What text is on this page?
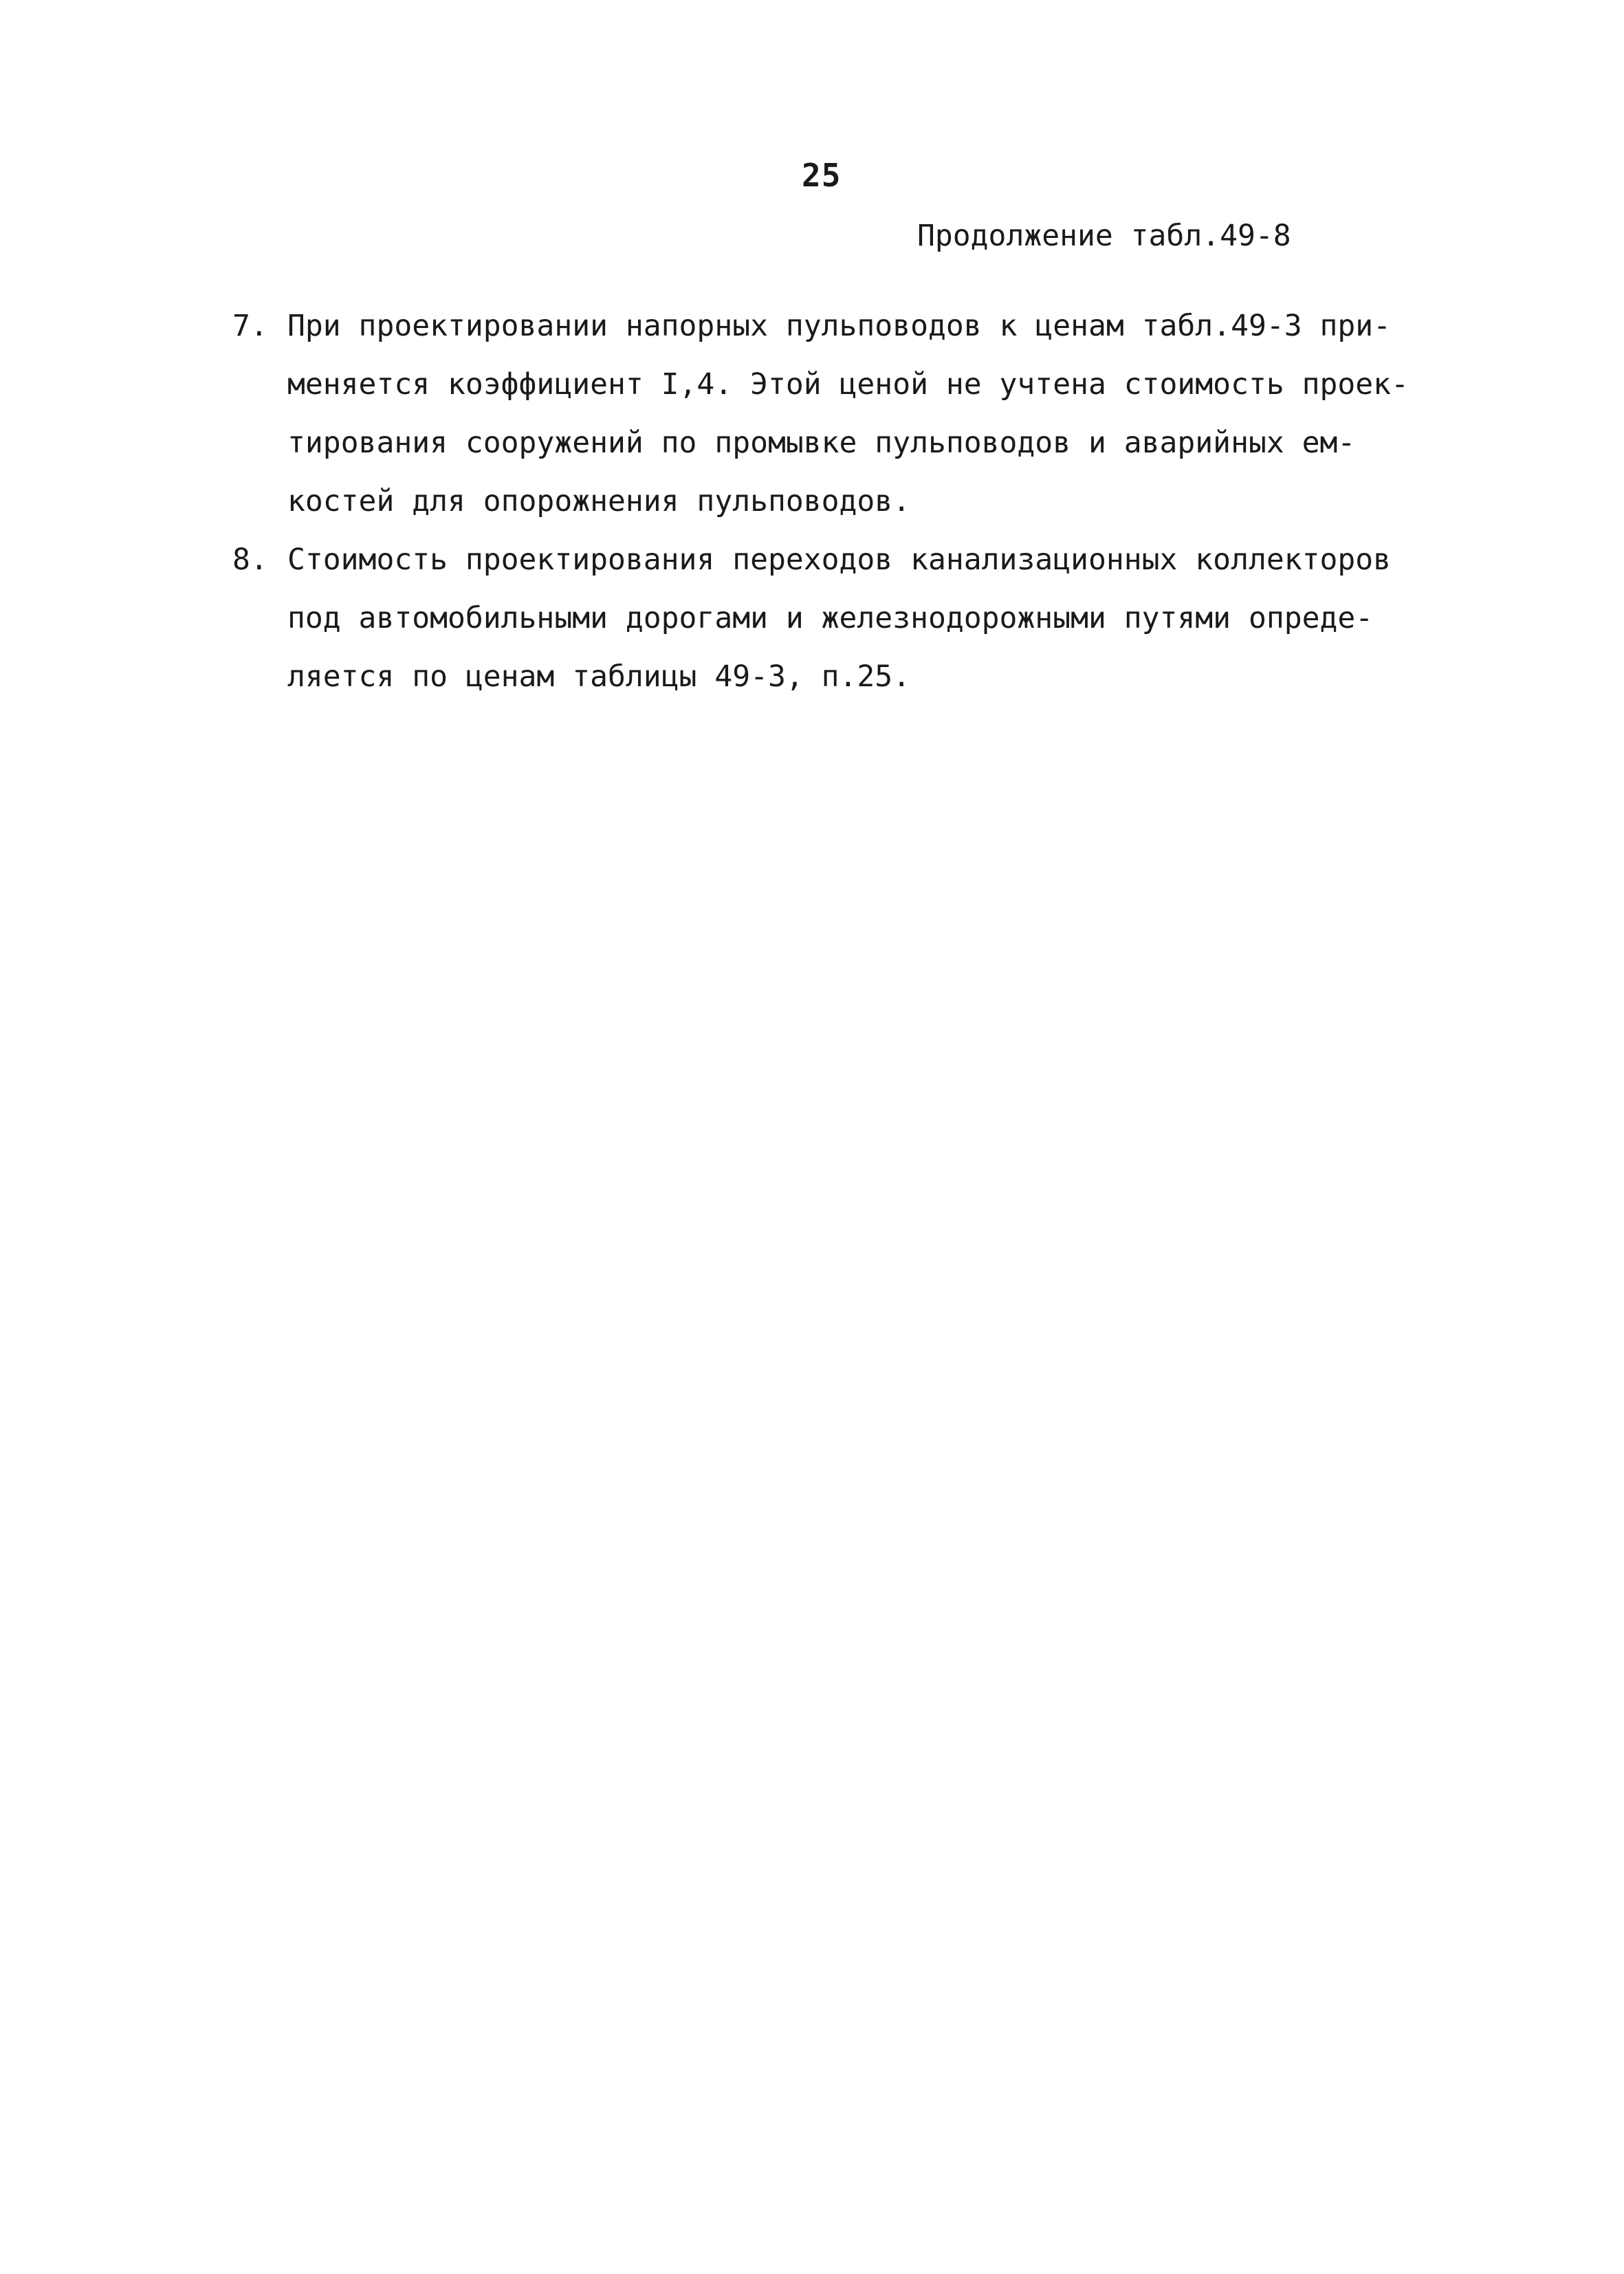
25
Продолжение табл.49-8
7. При проектировании напорных пульповодов к ценам табл.49-3 при-
меняется коэффициент I,4. Этой ценой не учтена стоимость проек-
тирования сооружений по промывке пульповодов и аварийных ем-
костей для опорожнения пульповодов.
8. Стоимость проектирования переходов канализационных коллекторов
под автомобильными дорогами и железнодорожными путями опреде-
ляется по ценам таблицы 49-3, п.25.
